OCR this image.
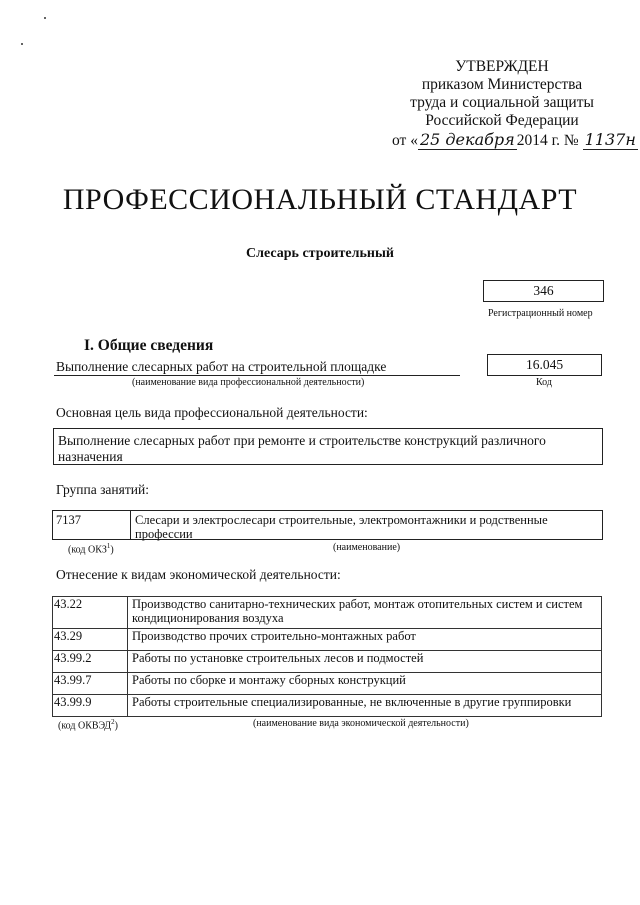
УТВЕРЖДЕН
приказом Министерства
труда и социальной защиты
Российской Федерации
от « 25 декабря 2014 г. № 1137н
ПРОФЕССИОНАЛЬНЫЙ СТАНДАРТ
Слесарь строительный
346
Регистрационный номер
I. Общие сведения
Выполнение слесарных работ на строительной площадке
(наименование вида профессиональной деятельности)
16.045
Код
Основная цель вида профессиональной деятельности:
Выполнение слесарных работ при ремонте и строительстве конструкций различного назначения
Группа занятий:
7137	Слесари и электрослесари строительные, электромонтажники и родственные профессии
(код ОКЗ$^1$)	(наименование)
Отнесение к видам экономической деятельности:
43.22	Производство санитарно-технических работ, монтаж отопительных систем и систем кондиционирования воздуха
43.29	Производство прочих строительно-монтажных работ
43.99.2	Работы по установке строительных лесов и подмостей
43.99.7	Работы по сборке и монтажу сборных конструкций
43.99.9	Работы строительные специализированные, не включенные в другие группировки
(код ОКВЭД$^2$)	(наименование вида экономической деятельности)
